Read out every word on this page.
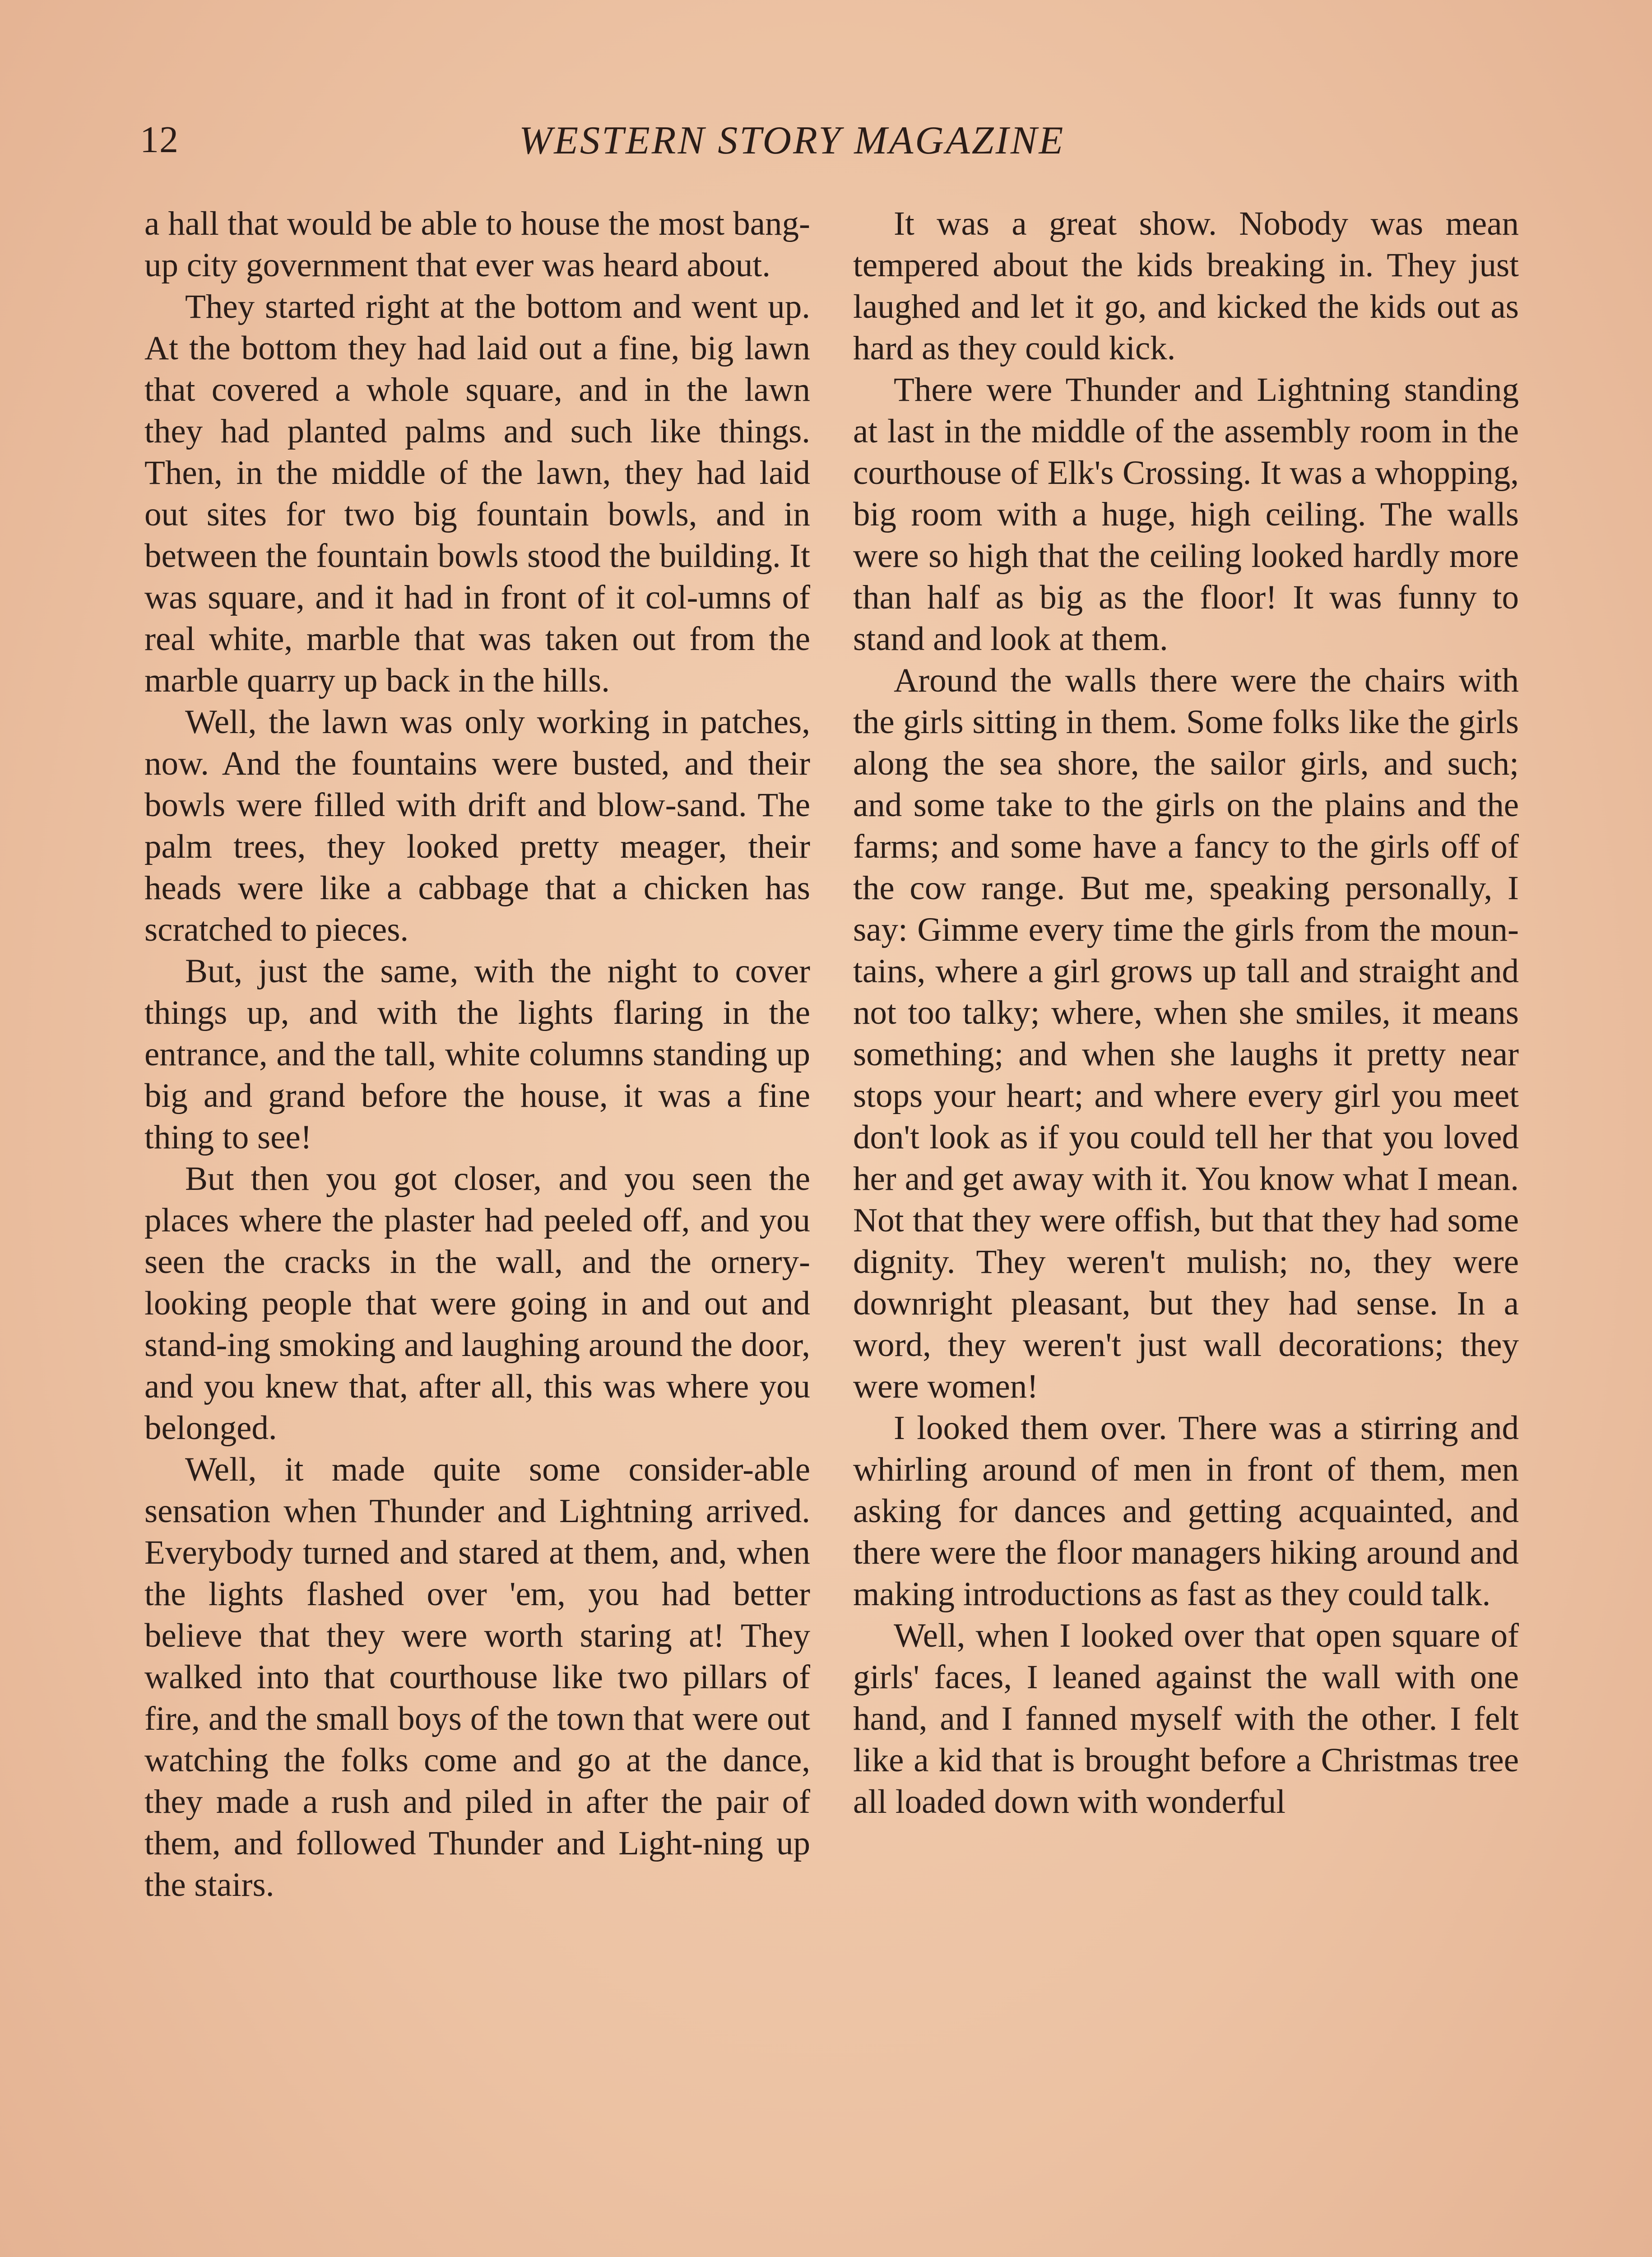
12	WESTERN STORY MAGAZINE

a hall that would be able to house the most bang-up city government that ever was heard about.

They started right at the bottom and went up. At the bottom they had laid out a fine, big lawn that covered a whole square, and in the lawn they had planted palms and such like things. Then, in the middle of the lawn, they had laid out sites for two big fountain bowls, and in between the fountain bowls stood the building. It was square, and it had in front of it col-umns of real white, marble that was taken out from the marble quarry up back in the hills.

Well, the lawn was only working in patches, now. And the fountains were busted, and their bowls were filled with drift and blow-sand. The palm trees, they looked pretty meager, their heads were like a cabbage that a chicken has scratched to pieces.

But, just the same, with the night to cover things up, and with the lights flaring in the entrance, and the tall, white columns standing up big and grand before the house, it was a fine thing to see!

But then you got closer, and you seen the places where the plaster had peeled off, and you seen the cracks in the wall, and the ornery-looking people that were going in and out and stand-ing smoking and laughing around the door, and you knew that, after all, this was where you belonged.

Well, it made quite some consider-able sensation when Thunder and Lightning arrived. Everybody turned and stared at them, and, when the lights flashed over 'em, you had better believe that they were worth staring at! They walked into that courthouse like two pillars of fire, and the small boys of the town that were out watching the folks come and go at the dance, they made a rush and piled in after the pair of them, and followed Thunder and Light-ning up the stairs.

It was a great show. Nobody was mean tempered about the kids breaking in. They just laughed and let it go, and kicked the kids out as hard as they could kick.

There were Thunder and Lightning standing at last in the middle of the assembly room in the courthouse of Elk's Crossing. It was a whopping, big room with a huge, high ceiling. The walls were so high that the ceiling looked hardly more than half as big as the floor! It was funny to stand and look at them.

Around the walls there were the chairs with the girls sitting in them. Some folks like the girls along the sea shore, the sailor girls, and such; and some take to the girls on the plains and the farms; and some have a fancy to the girls off of the cow range. But me, speaking personally, I say: Gimme every time the girls from the moun-tains, where a girl grows up tall and straight and not too talky; where, when she smiles, it means something; and when she laughs it pretty near stops your heart; and where every girl you meet don't look as if you could tell her that you loved her and get away with it. You know what I mean. Not that they were offish, but that they had some dignity. They weren't mulish; no, they were downright pleasant, but they had sense. In a word, they weren't just wall decorations; they were women!

I looked them over. There was a stirring and whirling around of men in front of them, men asking for dances and getting acquainted, and there were the floor managers hiking around and making introductions as fast as they could talk.

Well, when I looked over that open square of girls' faces, I leaned against the wall with one hand, and I fanned myself with the other. I felt like a kid that is brought before a Christmas tree all loaded down with wonderful
